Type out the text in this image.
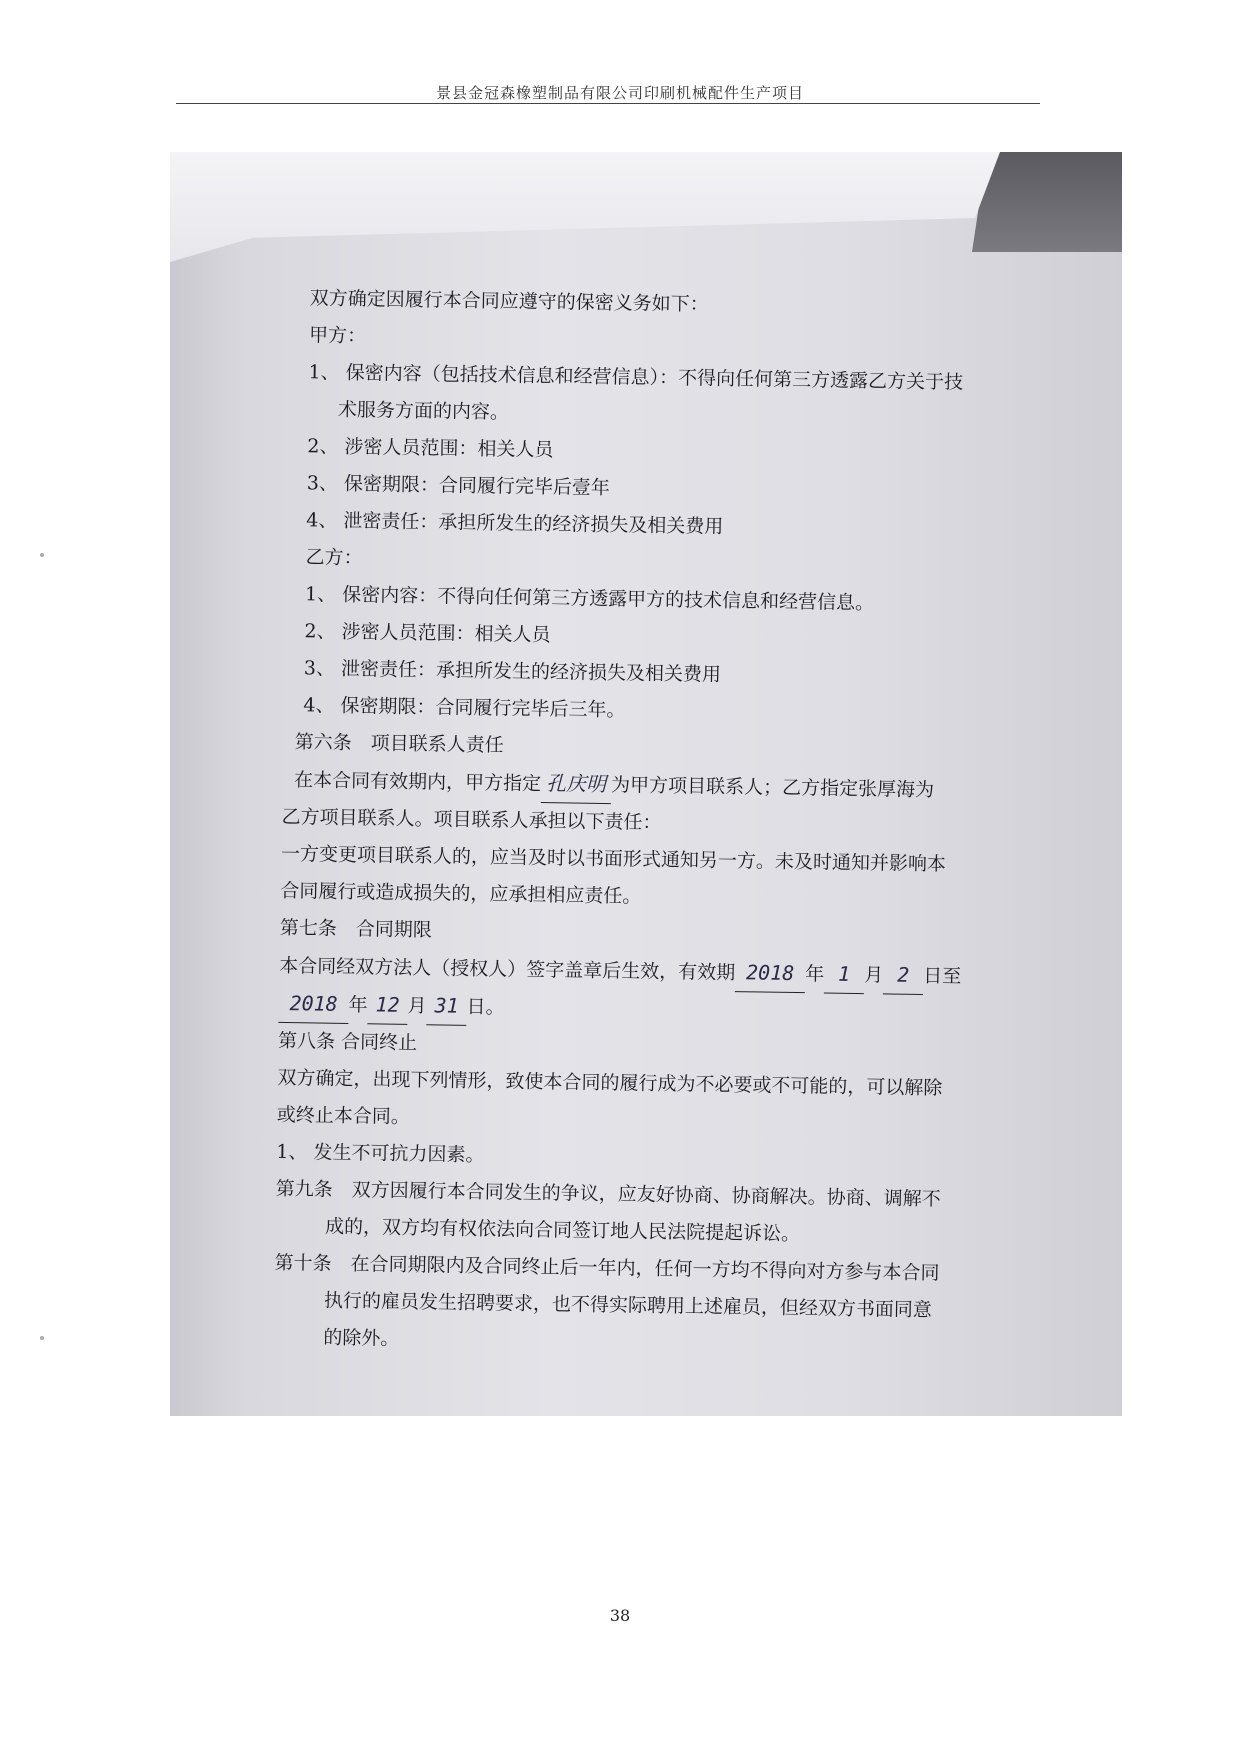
景县金冠森橡塑制品有限公司印刷机械配件生产项目
双方确定因履行本合同应遵守的保密义务如下：
甲方：
1、 保密内容（包括技术信息和经营信息）：不得向任何第三方透露乙方关于技
术服务方面的内容。
2、 涉密人员范围：相关人员
3、 保密期限：合同履行完毕后壹年
4、 泄密责任：承担所发生的经济损失及相关费用
乙方：
1、 保密内容：不得向任何第三方透露甲方的技术信息和经营信息。
2、 涉密人员范围：相关人员
3、 泄密责任：承担所发生的经济损失及相关费用
4、 保密期限：合同履行完毕后三年。
第六条　项目联系人责任
在本合同有效期内，甲方指定 孔庆明 为甲方项目联系人；乙方指定张厚海为
乙方项目联系人。项目联系人承担以下责任：
一方变更项目联系人的，应当及时以书面形式通知另一方。未及时通知并影响本
合同履行或造成损失的，应承担相应责任。
第七条　合同期限
本合同经双方法人（授权人）签字盖章后生效，有效期 2018 年 1 月 2 日至
2018 年 12 月 31 日。
第八条 合同终止
双方确定，出现下列情形，致使本合同的履行成为不必要或不可能的，可以解除
或终止本合同。
1、 发生不可抗力因素。
第九条　 双方因履行本合同发生的争议，应友好协商、协商解决。协商、调解不
成的，双方均有权依法向合同签订地人民法院提起诉讼。
第十条　 在合同期限内及合同终止后一年内，任何一方均不得向对方参与本合同
执行的雇员发生招聘要求，也不得实际聘用上述雇员，但经双方书面同意
的除外。
38
